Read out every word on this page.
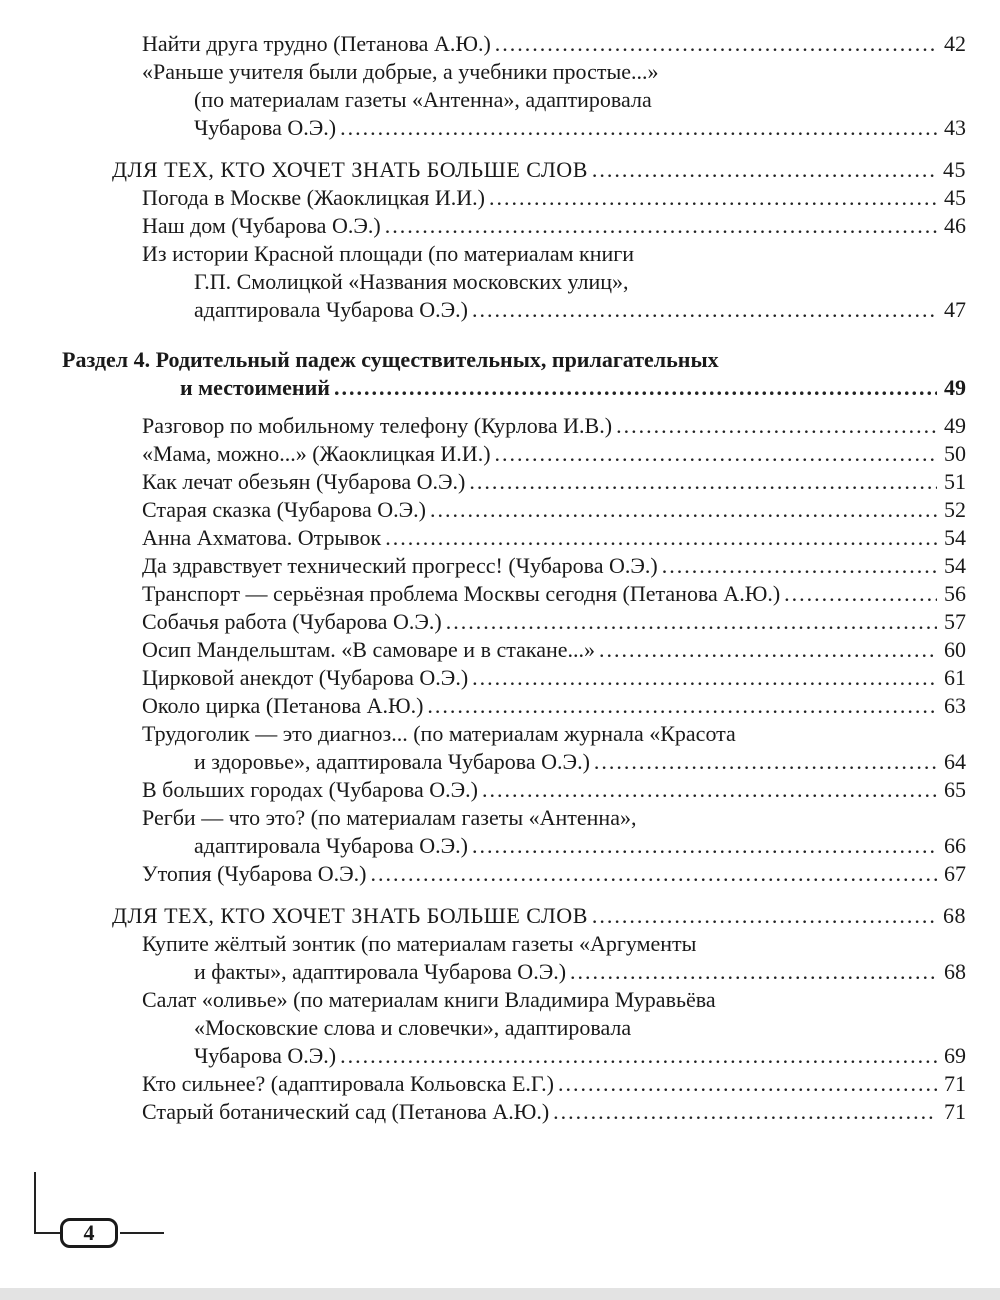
Найти друга трудно (Петанова А.Ю.) .....	42
«Раньше учителя были добрые, а учебники простые...»
(по материалам газеты «Антенна», адаптировала
Чубарова О.Э.) .....	43
ДЛЯ ТЕХ, КТО ХОЧЕТ ЗНАТЬ БОЛЬШЕ СЛОВ .....	45
Погода в Москве (Жаоклицкая И.И.) .....	45
Наш дом (Чубарова О.Э.) .....	46
Из истории Красной площади (по материалам книги
Г.П. Смолицкой «Названия московских улиц»,
адаптировала Чубарова О.Э.) .....	47
Раздел 4. Родительный падеж существительных, прилагательных
и местоимений .....	49
Разговор по мобильному телефону (Курлова И.В.) .....	49
«Мама, можно...» (Жаоклицкая И.И.) .....	50
Как лечат обезьян (Чубарова О.Э.) .....	51
Старая сказка (Чубарова О.Э.) .....	52
Анна Ахматова. Отрывок .....	54
Да здравствует технический прогресс! (Чубарова О.Э.) .....	54
Транспорт — серьёзная проблема Москвы сегодня (Петанова А.Ю.) .....	56
Собачья работа (Чубарова О.Э.) .....	57
Осип Мандельштам. «В самоваре и в стакане...» .....	60
Цирковой анекдот (Чубарова О.Э.) .....	61
Около цирка (Петанова А.Ю.) .....	63
Трудоголик — это диагноз... (по материалам журнала «Красота
и здоровье», адаптировала Чубарова О.Э.) .....	64
В больших городах (Чубарова О.Э.) .....	65
Регби — что это? (по материалам газеты «Антенна»,
адаптировала Чубарова О.Э.) .....	66
Утопия (Чубарова О.Э.) .....	67
ДЛЯ ТЕХ, КТО ХОЧЕТ ЗНАТЬ БОЛЬШЕ СЛОВ .....	68
Купите жёлтый зонтик (по материалам газеты «Аргументы
и факты», адаптировала Чубарова О.Э.) .....	68
Салат «оливье» (по материалам книги Владимира Муравьёва
«Московские слова и словечки», адаптировала
Чубарова О.Э.) .....	69
Кто сильнее? (адаптировала Кольовска Е.Г.) .....	71
Старый ботанический сад (Петанова А.Ю.) .....	71
4
